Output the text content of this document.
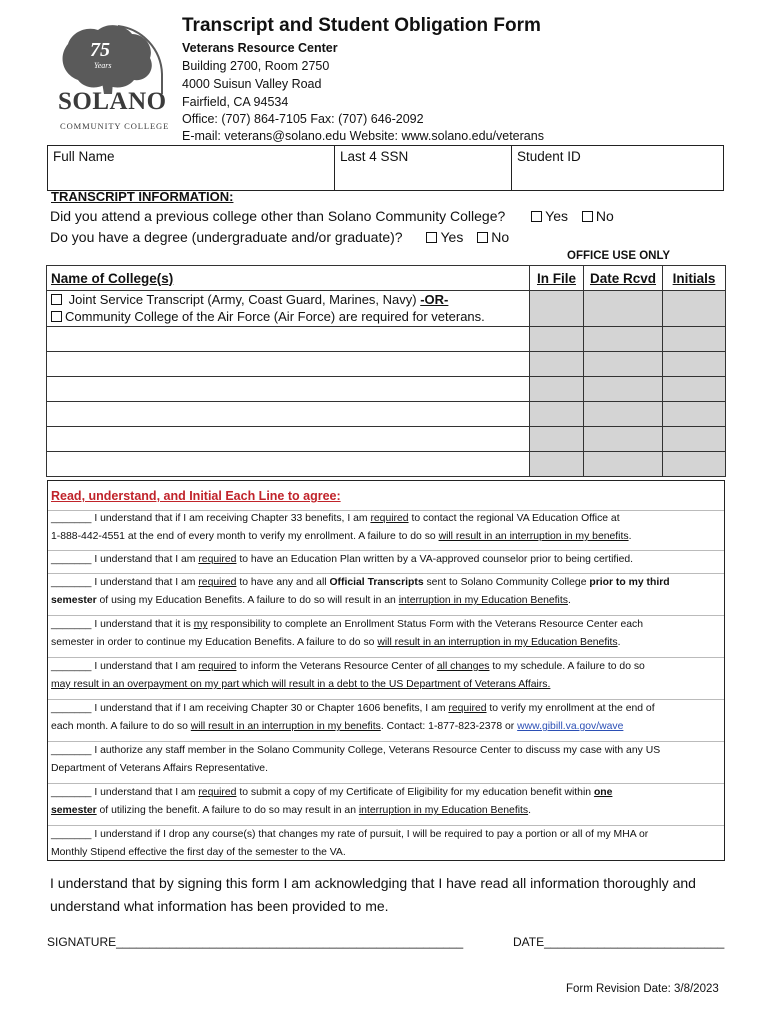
75
Years
SOLANO
COMMUNITY COLLEGE
Transcript and Student Obligation Form
Veterans Resource Center
Building 2700, Room 2750
4000 Suisun Valley Road
Fairfield, CA 94534
Office: (707) 864-7105 Fax: (707) 646-2092
E-mail: veterans@solano.edu Website: www.solano.edu/veterans
Full Name	Last 4 SSN	Student ID
TRANSCRIPT INFORMATION:
Did you attend a previous college other than Solano Community College?	Yes No
Do you have a degree (undergraduate and/or graduate)?	Yes No
OFFICE USE ONLY
Name of College(s)	In File	Date Rcvd	Initials

Joint Service Transcript (Army, Coast Guard, Marines, Navy) -OR-
Community College of the Air Force (Air Force) are required for veterans.			

Read, understand, and Initial Each Line to agree:
_______ I understand that if I am receiving Chapter 33 benefits, I am required to contact the regional VA Education Office at
1-888-442-4551 at the end of every month to verify my enrollment. A failure to do so will result in an interruption in my benefits.
_______ I understand that I am required to have an Education Plan written by a VA-approved counselor prior to being certified.
_______ I understand that I am required to have any and all Official Transcripts sent to Solano Community College prior to my third
semester of using my Education Benefits. A failure to do so will result in an interruption in my Education Benefits.
_______ I understand that it is my responsibility to complete an Enrollment Status Form with the Veterans Resource Center each
semester in order to continue my Education Benefits. A failure to do so will result in an interruption in my Education Benefits.
_______ I understand that I am required to inform the Veterans Resource Center of all changes to my schedule. A failure to do so
may result in an overpayment on my part which will result in a debt to the US Department of Veterans Affairs.
_______ I understand that if I am receiving Chapter 30 or Chapter 1606 benefits, I am required to verify my enrollment at the end of
each month. A failure to do so will result in an interruption in my benefits. Contact: 1-877-823-2378 or www.gibill.va.gov/wave
_______ I authorize any staff member in the Solano Community College, Veterans Resource Center to discuss my case with any US
Department of Veterans Affairs Representative.
_______ I understand that I am required to submit a copy of my Certificate of Eligibility for my education benefit within one
semester of utilizing the benefit. A failure to do so may result in an interruption in my Education Benefits.
_______ I understand if I drop any course(s) that changes my rate of pursuit, I will be required to pay a portion or all of my MHA or
Monthly Stipend effective the first day of the semester to the VA.
I understand that by signing this form I am acknowledging that I have read all information thoroughly and understand what information has been provided to me.
SIGNATURE____________________________________________________	DATE___________________________
Form Revision Date: 3/8/2023
